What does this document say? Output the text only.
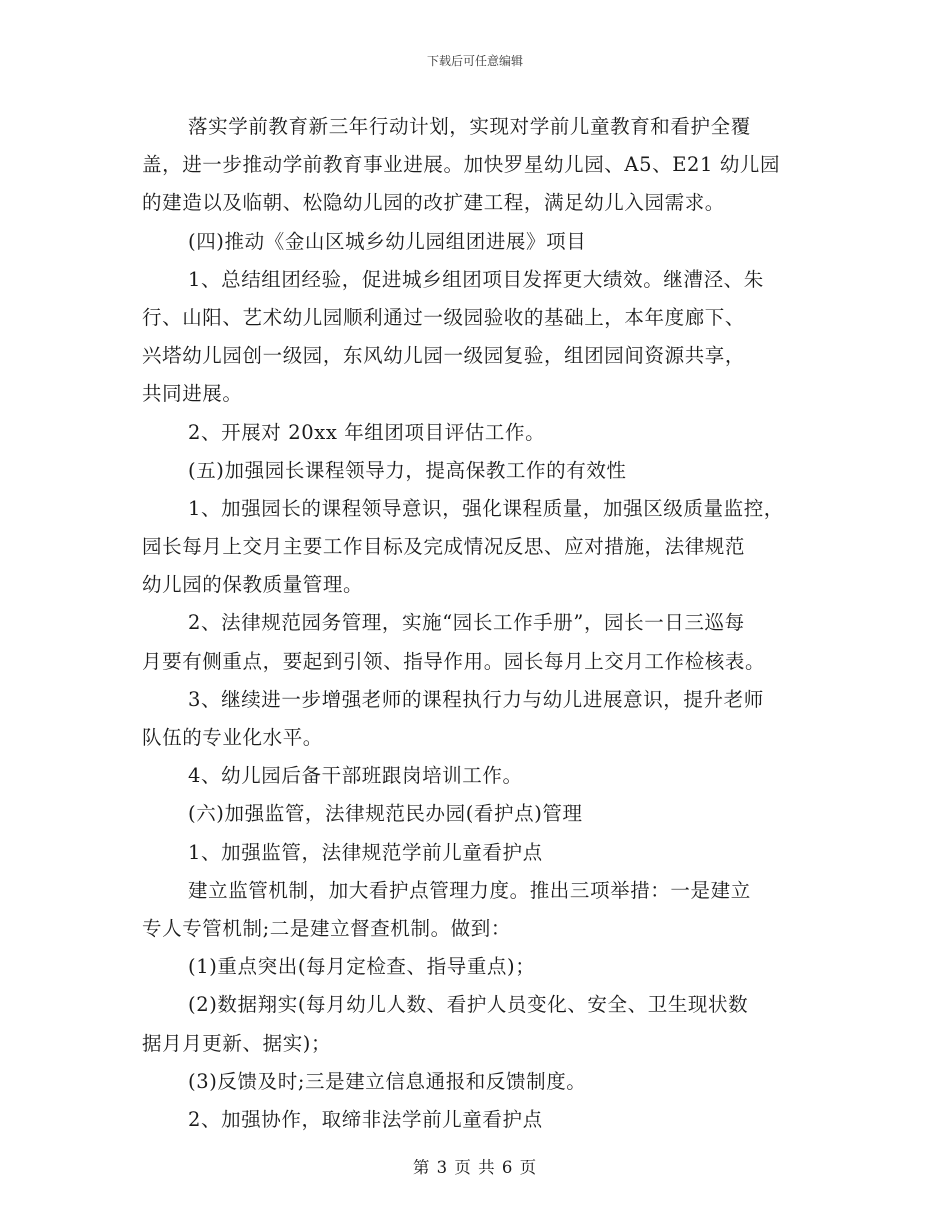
下载后可任意编辑
落实学前教育新三年行动计划，实现对学前儿童教育和看护全覆
盖，进一步推动学前教育事业进展。加快罗星幼儿园、A5、E21 幼儿园
的建造以及临朝、松隐幼儿园的改扩建工程，满足幼儿入园需求。
(四)推动《金山区城乡幼儿园组团进展》项目
1、总结组团经验，促进城乡组团项目发挥更大绩效。继漕泾、朱
行、山阳、艺术幼儿园顺利通过一级园验收的基础上，本年度廊下、
兴塔幼儿园创一级园，东风幼儿园一级园复验，组团园间资源共享，
共同进展。
2、开展对 20xx 年组团项目评估工作。
(五)加强园长课程领导力，提高保教工作的有效性
1、加强园长的课程领导意识，强化课程质量，加强区级质量监控，
园长每月上交月主要工作目标及完成情况反思、应对措施，法律规范
幼儿园的保教质量管理。
2、法律规范园务管理，实施“园长工作手册”，园长一日三巡每
月要有侧重点，要起到引领、指导作用。园长每月上交月工作检核表。
3、继续进一步增强老师的课程执行力与幼儿进展意识，提升老师
队伍的专业化水平。
4、幼儿园后备干部班跟岗培训工作。
(六)加强监管，法律规范民办园(看护点)管理
1、加强监管，法律规范学前儿童看护点
建立监管机制，加大看护点管理力度。推出三项举措：一是建立
专人专管机制;二是建立督查机制。做到：
(1)重点突出(每月定检查、指导重点)；
(2)数据翔实(每月幼儿人数、看护人员变化、安全、卫生现状数
据月月更新、据实)；
(3)反馈及时;三是建立信息通报和反馈制度。
2、加强协作，取缔非法学前儿童看护点
第 3 页 共 6 页
